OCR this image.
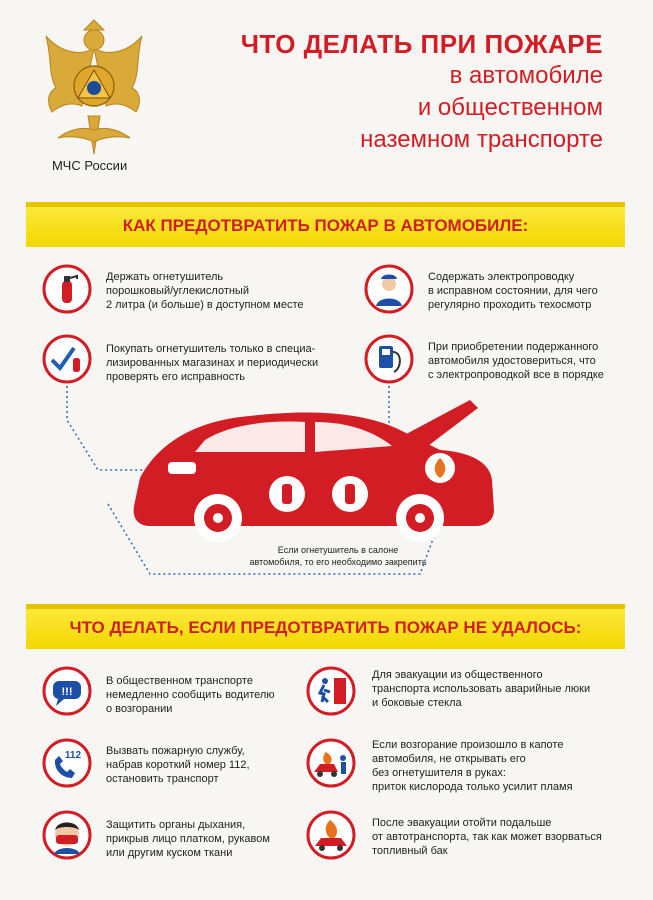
МЧС России
ЧТО ДЕЛАТЬ ПРИ ПОЖАРЕ
в автомобиле
и общественном
наземном транспорте
КАК ПРЕДОТВРАТИТЬ ПОЖАР В АВТОМОБИЛЕ:
Держать огнетушитель
порошковый/углекислотный
2 литра (и больше) в доступном месте
Покупать огнетушитель только в специа-
лизированных магазинах и периодически
проверять его исправность
Содержать электропроводку
в исправном состоянии, для чего
регулярно проходить техосмотр
При приобретении подержанного
автомобиля удостовериться, что
с электропроводкой все в порядке
Если огнетушитель в салоне
автомобиля, то его необходимо закрепить
ЧТО ДЕЛАТЬ, ЕСЛИ ПРЕДОТВРАТИТЬ ПОЖАР НЕ УДАЛОСЬ:
!!!
В общественном транспорте
немедленно сообщить водителю
о возгорании
112 Вызвать пожарную службу,
набрав короткий номер 112,
остановить транспорт
Защитить органы дыхания,
прикрыв лицо платком, рукавом
или другим куском ткани
Для эвакуации из общественного
транспорта использовать аварийные люки
и боковые стекла
Если возгорание произошло в капоте
автомобиля, не открывать его
без огнетушителя в руках:
приток кислорода только усилит пламя
После эвакуации отойти подальше
от автотранспорта, так как может взорваться
топливный бак
